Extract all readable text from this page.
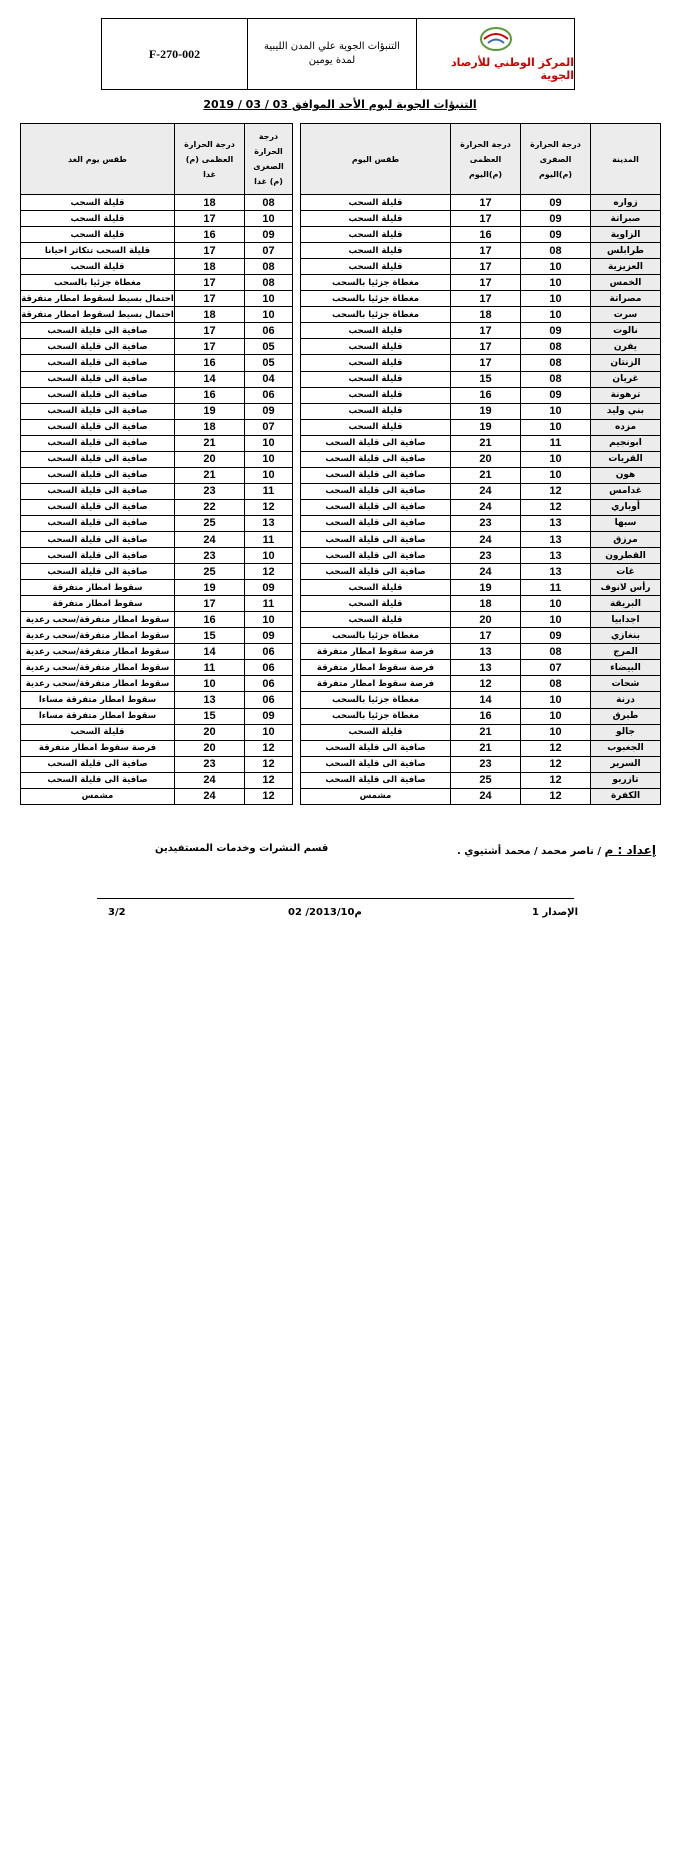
F-270-002	التنبؤات الجوية علي المدن الليبية
لمدة يومين	المركز الوطني للأرصاد الجوية
التنبؤات الجوية ليوم الأحد الموافق 03 / 03 / 2019
المدينة	درجة الحرارة
الصفرى
(م)اليوم	درجة الحرارة
العظمى
(م)اليوم	طقس اليوم		درجة
الحرارة
الصغرى
(م) غدا	درجة الحرارة
العظمى (م)
غدا	طقس يوم الغد
زواره	09	17	قليلة السحب		08	18	قليلة السحب
صبراتة	09	17	قليلة السحب		10	17	قليلة السحب
الزاوية	09	16	قليلة السحب		09	16	قليلة السحب
طرابلس	08	17	قليلة السحب		07	17	قليلة السحب تتكاثر احيانا
العزيزية	10	17	قليلة السحب		08	18	قليلة السحب
الخمس	10	17	مغطاة جزئيا بالسحب		08	17	مغطاة جزئيا بالسحب
مصراتة	10	17	مغطاة جزئيا بالسحب		10	17	احتمال بسيط لسقوط امطار متفرقة
سرت	10	18	مغطاة جزئيا بالسحب		10	18	احتمال بسيط لسقوط امطار متفرقة
نالوت	09	17	قليلة السحب		06	17	صافية الى قليلة السحب
يفرن	08	17	قليلة السحب		05	17	صافية الى قليلة السحب
الزنتان	08	17	قليلة السحب		05	16	صافية الى قليلة السحب
غريان	08	15	قليلة السحب		04	14	صافية الى قليلة السحب
ترهونة	09	16	قليلة السحب		06	16	صافية الى قليلة السحب
بني وليد	10	19	قليلة السحب		09	19	صافية الى قليلة السحب
مزده	10	19	قليلة السحب		07	18	صافية الى قليلة السحب
ابونجيم	11	21	صافية الى قليلة السحب		10	21	صافية الى قليلة السحب
القريات	10	20	صافية الى قليلة السحب		10	20	صافية الى قليلة السحب
هون	10	21	صافية الى قليلة السحب		10	21	صافية الى قليلة السحب
غدامس	12	24	صافية الى قليلة السحب		11	23	صافية الى قليلة السحب
أوباري	12	24	صافية الى قليلة السحب		12	22	صافية الى قليلة السحب
سبها	13	23	صافية الى قليلة السحب		13	25	صافية الى قليلة السحب
مرزق	13	24	صافية الى قليلة السحب		11	24	صافية الى قليلة السحب
القطرون	13	23	صافية الى قليلة السحب		10	23	صافية الى قليلة السحب
غات	13	24	صافية الى قليلة السحب		12	25	صافية الى قليلة السحب
رأس لانوف	11	19	قليلة السحب		09	19	سقوط امطار متفرقة
البريقة	10	18	قليلة السحب		11	17	سقوط امطار متفرقة
اجدابيا	10	20	قليلة السحب		10	16	سقوط امطار متفرقة/سحب رعدية
بنغازي	09	17	مغطاة جزئيا بالسحب		09	15	سقوط امطار متفرقة/سحب رعدية
المرج	08	13	فرصة سقوط امطار متفرقة		06	14	سقوط امطار متفرقة/سحب رعدية
البيضاء	07	13	فرصة سقوط امطار متفرقة		06	11	سقوط امطار متفرقة/سحب رعدية
شحات	08	12	فرصة سقوط امطار متفرقة		06	10	سقوط امطار متفرقة/سحب رعدية
درنة	10	14	مغطاة جزئيا بالسحب		06	13	سقوط امطار متفرقة مساءا
طبرق	10	16	مغطاة جزئيا بالسحب		09	15	سقوط امطار متفرقة مساءا
جالو	10	21	قليلة السحب		10	20	قليلة السحب
الجغبوب	12	21	صافية الى قليلة السحب		12	20	فرصة سقوط امطار متفرقة
السرير	12	23	صافية الى قليلة السحب		12	23	صافية الى قليلة السحب
تازربو	12	25	صافية الى قليلة السحب		12	24	صافية الى قليلة السحب
الكفرة	12	24	مشمس		12	24	مشمس
إعداد : م / ناصر محمد / محمد أشتيوي .
قسم النشرات وخدمات المستفيدين
الإصدار 1
02 /2013/10م
3/2
